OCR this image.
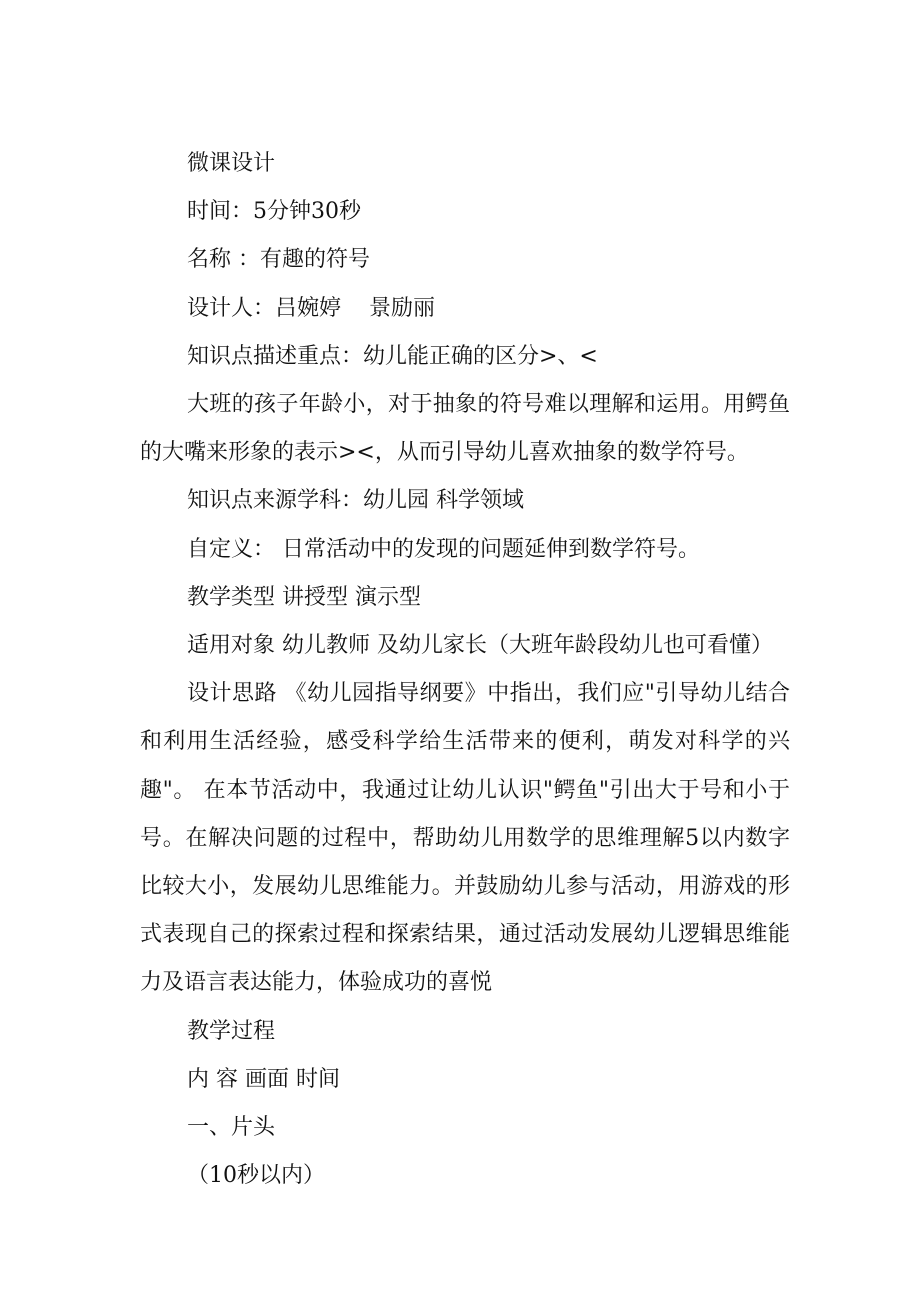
微课设计

时间：5分钟30秒

名称 ：有趣的符号

设计人：吕婉婷    景励丽

知识点描述重点：幼儿能正确的区分>、<

大班的孩子年龄小，对于抽象的符号难以理解和运用。用鳄鱼的大嘴来形象的表示><，从而引导幼儿喜欢抽象的数学符号。

知识点来源学科：幼儿园 科学领域

自定义： 日常活动中的发现的问题延伸到数学符号。

教学类型 讲授型 演示型

适用对象 幼儿教师 及幼儿家长（大班年龄段幼儿也可看懂）

设计思路 《幼儿园指导纲要》中指出，我们应"引导幼儿结合和利用生活经验，感受科学给生活带来的便利，萌发对科学的兴趣"。 在本节活动中，我通过让幼儿认识"鳄鱼"引出大于号和小于号。在解决问题的过程中，帮助幼儿用数学的思维理解5以内数字比较大小，发展幼儿思维能力。并鼓励幼儿参与活动，用游戏的形式表现自己的探索过程和探索结果，通过活动发展幼儿逻辑思维能力及语言表达能力，体验成功的喜悦

教学过程

内 容 画面 时间

一、片头

（10秒以内）
